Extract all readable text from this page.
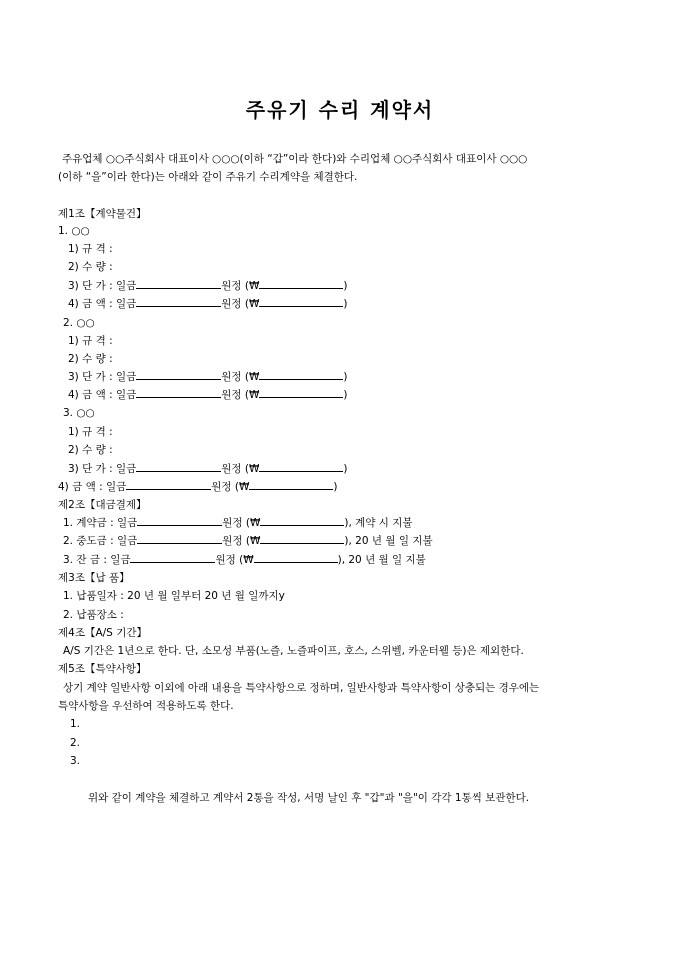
주유기 수리 계약서
주유업체 ○○주식회사 대표이사 ○○○(이하 “갑”이라 한다)와 수리업체 ○○주식회사 대표이사 ○○○
(이하 “을”이라 한다)는 아래와 같이 주유기 수리계약을 체결한다.
제1조【계약물건】
1. ○○
1) 규 격 :
2) 수 량 :
3) 단 가 : 일금	원정 (₩	)
4) 금 액 : 일금	원정 (₩	)
2. ○○
1) 규 격 :
2) 수 량 :
3) 단 가 : 일금	원정 (₩	)
4) 금 액 : 일금	원정 (₩	)
3. ○○
1) 규 격 :
2) 수 량 :
3) 단 가 : 일금	원정 (₩	)
4) 금 액 : 일금	원정 (₩	)
제2조【대금결제】
1. 계약금 : 일금	원정 (₩	), 계약 시 지불
2. 중도금 : 일금	원정 (₩	), 20 년 월 일 지불
3. 잔 금 : 일금	원정 (₩	), 20 년 월 일 지불
제3조【납 품】
1. 납품일자 : 20 년 월 일부터 20 년 월 일까지y
2. 납품장소 :
제4조【A/S 기간】
A/S 기간은 1년으로 한다. 단, 소모성 부품(노즐, 노즐파이프, 호스, 스위벨, 카운터웰 등)은 제외한다.
제5조【특약사항】
상기 계약 일반사항 이외에 아래 내용을 특약사항으로 정하며, 일반사항과 특약사항이 상충되는 경우에는
특약사항을 우선하여 적용하도록 한다.
1.
2.
3.
위와 같이 계약을 체결하고 계약서 2통을 작성, 서명 날인 후 "갑"과 "을"이 각각 1통씩 보관한다.
